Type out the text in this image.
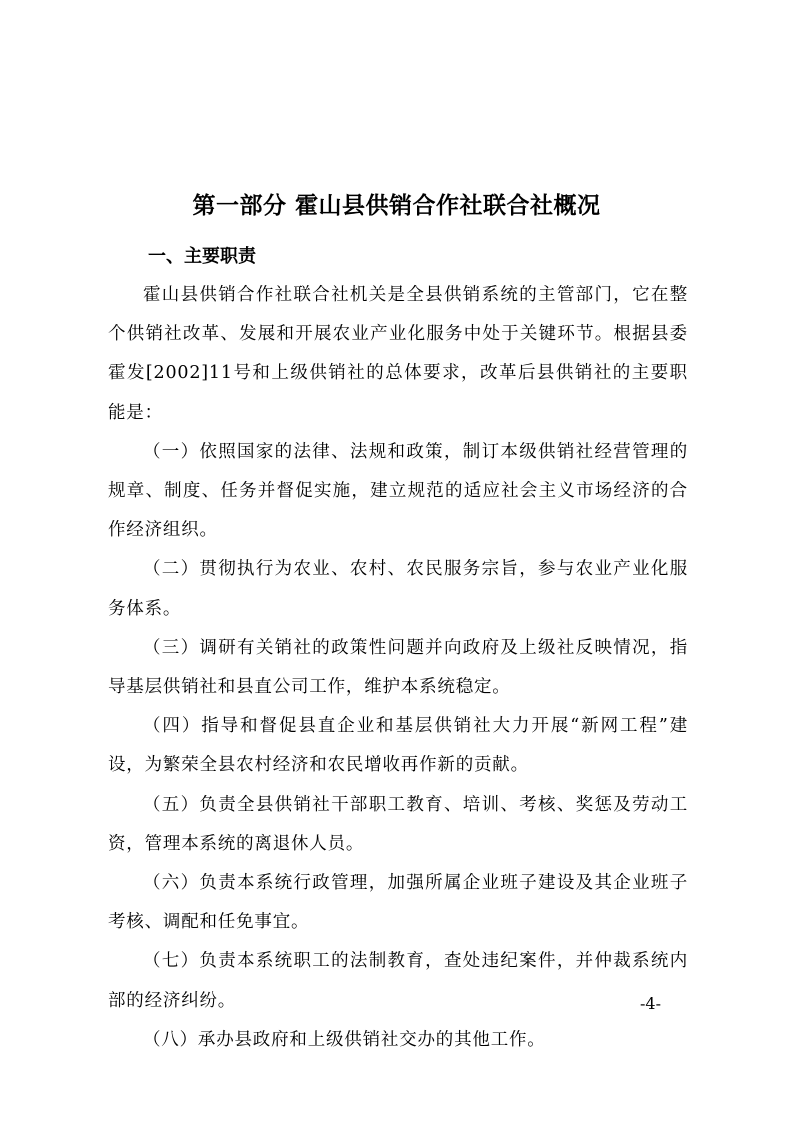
第一部分 霍山县供销合作社联合社概况
一、主要职责

霍山县供销合作社联合社机关是全县供销系统的主管部门，它在整个供销社改革、发展和开展农业产业化服务中处于关键环节。根据县委霍发[2002]11号和上级供销社的总体要求，改革后县供销社的主要职能是：

（一）依照国家的法律、法规和政策，制订本级供销社经营管理的规章、制度、任务并督促实施，建立规范的适应社会主义市场经济的合作经济组织。

（二）贯彻执行为农业、农村、农民服务宗旨，参与农业产业化服务体系。

（三）调研有关销社的政策性问题并向政府及上级社反映情况，指导基层供销社和县直公司工作，维护本系统稳定。

（四）指导和督促县直企业和基层供销社大力开展“新网工程”建设，为繁荣全县农村经济和农民增收再作新的贡献。

（五）负责全县供销社干部职工教育、培训、考核、奖惩及劳动工资，管理本系统的离退休人员。

（六）负责本系统行政管理，加强所属企业班子建设及其企业班子考核、调配和任免事宜。

（七）负责本系统职工的法制教育，查处违纪案件，并仲裁系统内部的经济纠纷。

（八）承办县政府和上级供销社交办的其他工作。

-4-
